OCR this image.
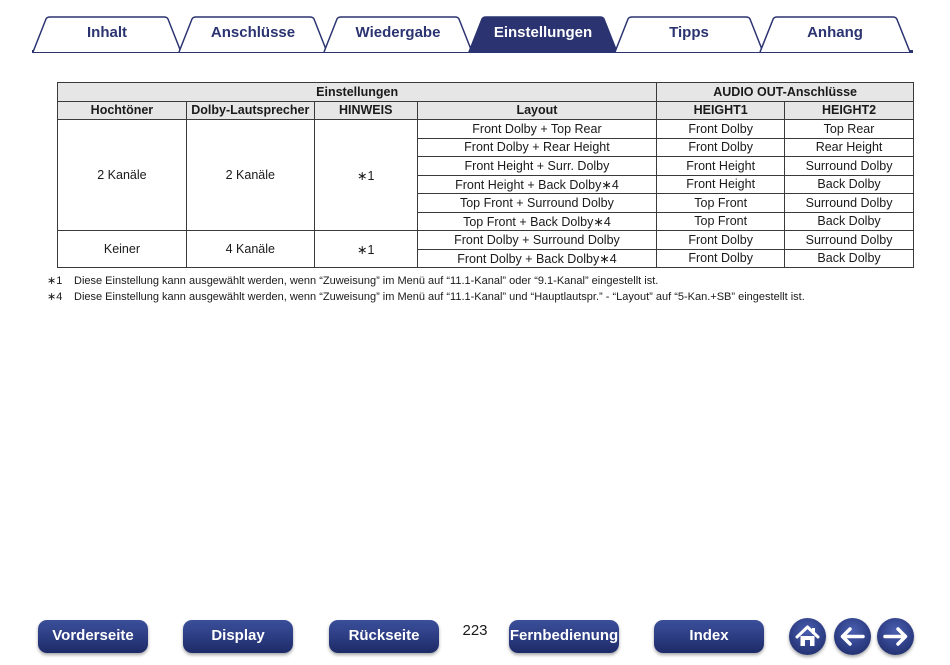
Inhalt	Anschlüsse	Wiedergabe	Einstellungen	Tipps	Anhang
Einstellungen				AUDIO OUT-Anschlüsse	
Hochtöner	Dolby-Lautsprecher	HINWEIS	Layout	HEIGHT1	HEIGHT2
2 Kanäle	2 Kanäle	∗1	Front Dolby + Top Rear	Front Dolby	Top Rear
			Front Dolby + Rear Height	Front Dolby	Rear Height
			Front Height + Surr. Dolby	Front Height	Surround Dolby
			Front Height + Back Dolby∗4	Front Height	Back Dolby
			Top Front + Surround Dolby	Top Front	Surround Dolby
			Top Front + Back Dolby∗4	Top Front	Back Dolby
Keiner	4 Kanäle	∗1	Front Dolby + Surround Dolby	Front Dolby	Surround Dolby
			Front Dolby + Back Dolby∗4	Front Dolby	Back Dolby
∗1	Diese Einstellung kann ausgewählt werden, wenn “Zuweisung” im Menü auf “11.1-Kanal” oder “9.1-Kanal” eingestellt ist.
∗4	Diese Einstellung kann ausgewählt werden, wenn “Zuweisung” im Menü auf “11.1-Kanal” und “Hauptlautspr.” - “Layout” auf “5-Kan.+SB” eingestellt ist.
Vorderseite	Display	Rückseite	223	Fernbedienung	Index
